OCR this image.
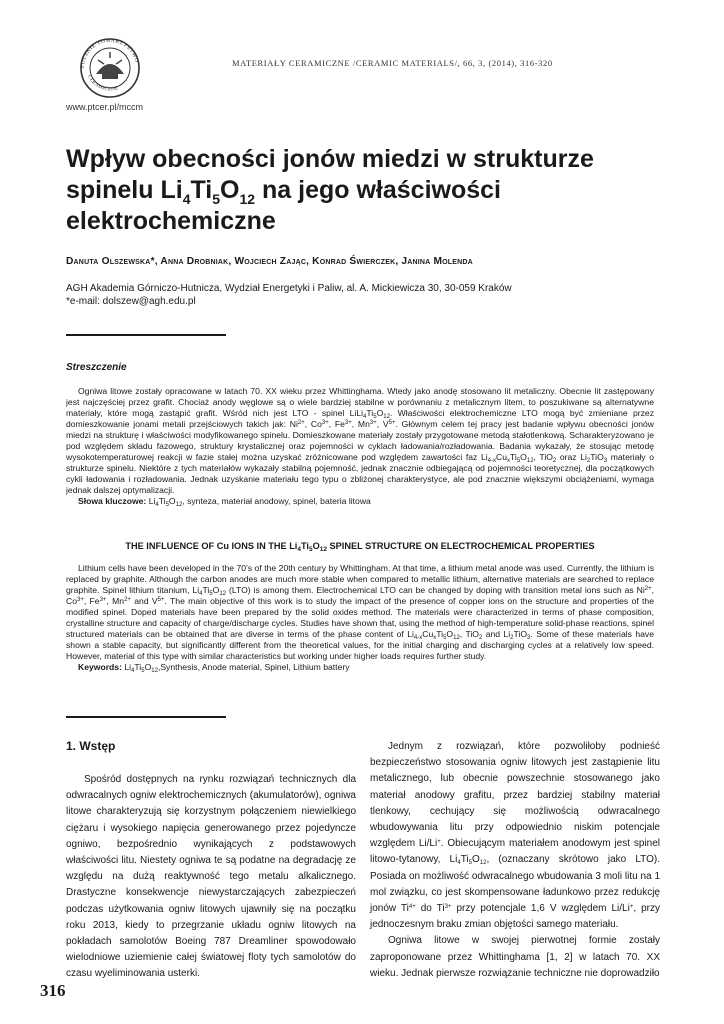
POLSKIE TOWARZYSTWO
CERAMICZNE
www.ptcer.pl/mccm
MATERIAŁY CERAMICZNE /CERAMIC MATERIALS/, 66, 3, (2014), 316-320
Wpływ obecności jonów miedzi w strukturze spinelu $Li_4Ti_5O_{12}$ na jego właściwości elektrochemiczne
Danuta Olszewska*, Anna Drobniak, Wojciech Zając, Konrad Świerczek, Janina Molenda
AGH Akademia Górniczo-Hutnicza, Wydział Energetyki i Paliw, al. A. Mickiewicza 30, 30-059 Kraków
*e-mail: dolszew@agh.edu.pl
Streszczenie

Ogniwa litowe zostały opracowane w latach 70. XX wieku przez Whittinghama. Wtedy jako anodę stosowano lit metaliczny. Obecnie lit zastępowany jest najczęściej przez grafit. Chociaż anody węglowe są o wiele bardziej stabilne w porównaniu z metalicznym litem, to poszukiwane są alternatywne materiały, które mogą zastąpić grafit. Wśród nich jest LTO - spinel $LiLi_4Ti_5O_{12}$. Właściwości elektrochemiczne LTO mogą być zmieniane przez domieszkowanie jonami metali przejściowych takich jak: $Ni^{2+}$, $Co^{3+}$, $Fe^{3+}$, $Mn^{3+}$, $V^{5+}$. Głównym celem tej pracy jest badanie wpływu obecności jonów miedzi na strukturę i właściwości modyfikowanego spinelu. Domieszkowane materiały zostały przygotowane metodą stałotlenkową. Scharakteryzowano je pod względem składu fazowego, struktury krystalicznej oraz pojemności w cyklach ładowania/rozładowania. Badania wykazały, że stosując metodę wysokotemperaturowej reakcji w fazie stałej można uzyskać zróżnicowane pod względem zawartości faz $Li_{4-x}Cu_xTi_5O_{12}$, TiO$_2$ oraz $Li_2TiO_3$ materiały o strukturze spinelu. Niektóre z tych materiałów wykazały stabilną pojemność, jednak znacznie odbiegającą od pojemności teoretycznej, dla początkowych cykli ładowania i rozładowania. Jednak uzyskanie materiału tego typu o zbliżonej charakterystyce, ale pod znacznie większymi obciążeniami, wymaga jednak dalszej optymalizacji.

Słowa kluczowe: $Li_4Ti_5O_{12}$, synteza, materiał anodowy, spinel, bateria litowa

THE INFLUENCE OF Cu IONS IN THE $Li_4Ti_5O_{12}$ SPINEL STRUCTURE ON ELECTROCHEMICAL PROPERTIES

Lithium cells have been developed in the 70's of the 20th century by Whittingham. At that time, a lithium metal anode was used. Currently, the lithium is replaced by graphite. Although the carbon anodes are much more stable when compared to metallic lithium, alternative materials are searched to replace graphite. Spinel lithium titanium, $Li_4Ti_5O_{12}$ (LTO) is among them. Electrochemical LTO can be changed by doping with transition metal ions such as $Ni^{2+}$, $Co^{3+}$, $Fe^{3+}$, $Mn^{2+}$ and $V^{5+}$. The main objective of this work is to study the impact of the presence of copper ions on the structure and properties of the modified spinel. Doped materials have been prepared by the solid oxides method. The materials were characterized in terms of phase composition, crystalline structure and capacity of charge/discharge cycles. Studies have shown that, using the method of high-temperature solid-phase reactions, spinel structured materials can be obtained that are diverse in terms of the phase content of $Li_{4-x}Cu_xTi_5O_{12}$, TiO$_2$ and $Li_2TiO_3$. Some of these materials have shown a stable capacity, but significantly different from the theoretical values, for the initial charging and discharging cycles at a relatively low speed. However, material of this type with similar characteristics but working under higher loads requires further study.

Keywords: $Li_4Ti_5O_{12},Synthesis$, Anode material, Spinel, Lithium battery

1. Wstęp

Spośród dostępnych na rynku rozwiązań technicznych dla odwracalnych ogniw elektrochemicznych (akumulatorów), ogniwa litowe charakteryzują się korzystnym połączeniem niewielkiego ciężaru i wysokiego napięcia generowanego przez pojedyncze ogniwo, bezpośrednio wynikających z podstawowych właściwości litu. Niestety ogniwa te są podatne na degradację ze względu na dużą reaktywność tego metalu alkalicznego. Drastyczne konsekwencje niewystarczających zabezpieczeń podczas użytkowania ogniw litowych ujawniły się na początku roku 2013, kiedy to przegrzanie układu ogniw litowych na pokładach samolotów Boeing 787 Dreamliner spowodowało wielodniowe uziemienie całej światowej floty tych samolotów do czasu wyeliminowania usterki.

Jednym z rozwiązań, które pozwoliłoby podnieść bezpieczeństwo stosowania ogniw litowych jest zastąpienie litu metalicznego, lub obecnie powszechnie stosowanego jako materiał anodowy grafitu, przez bardziej stabilny materiał tlenkowy, cechujący się możliwością odwracalnego wbudowywania litu przy odpowiednio niskim potencjale względem Li/Li+. Obiecującym materiałem anodowym jest spinel litowo-tytanowy, $Li_4Ti_5O_{12}$, (oznaczany skrótowo jako LTO). Posiada on możliwość odwracalnego wbudowania 3 moli litu na 1 mol związku, co jest skompensowane ładunkowo przez redukcję jonów $Ti^{4+}$ do $Ti^{3+}$ przy potencjale 1,6 V względem Li/Li+, przy jednoczesnym braku zmian objętości samego materiału.

Ogniwa litowe w swojej pierwotnej formie zostały zaproponowane przez Whittinghama [1, 2] w latach 70. XX wieku. Jednak pierwsze rozwiązanie techniczne nie doprowadziło

316
